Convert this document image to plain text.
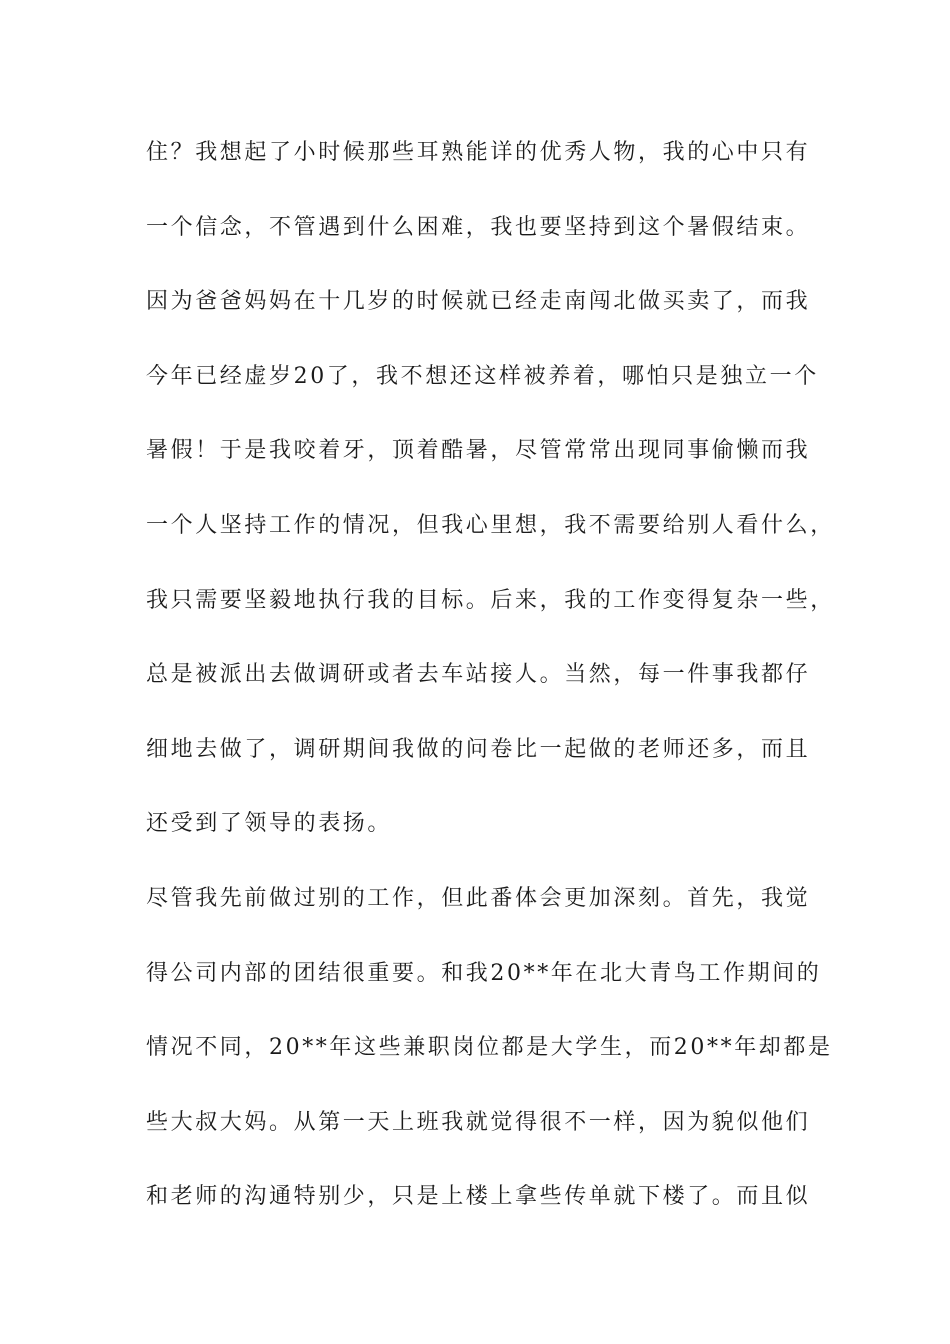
住？我想起了小时候那些耳熟能详的优秀人物，我的心中只有
一个信念，不管遇到什么困难，我也要坚持到这个暑假结束。
因为爸爸妈妈在十几岁的时候就已经走南闯北做买卖了，而我
今年已经虚岁20了，我不想还这样被养着，哪怕只是独立一个
暑假！于是我咬着牙，顶着酷暑，尽管常常出现同事偷懒而我
一个人坚持工作的情况，但我心里想，我不需要给别人看什么，
我只需要坚毅地执行我的目标。后来，我的工作变得复杂一些，
总是被派出去做调研或者去车站接人。当然，每一件事我都仔
细地去做了，调研期间我做的问卷比一起做的老师还多，而且
还受到了领导的表扬。
尽管我先前做过别的工作，但此番体会更加深刻。首先，我觉
得公司内部的团结很重要。和我20**年在北大青鸟工作期间的
情况不同，20**年这些兼职岗位都是大学生，而20**年却都是
些大叔大妈。从第一天上班我就觉得很不一样，因为貌似他们
和老师的沟通特别少，只是上楼上拿些传单就下楼了。而且似
